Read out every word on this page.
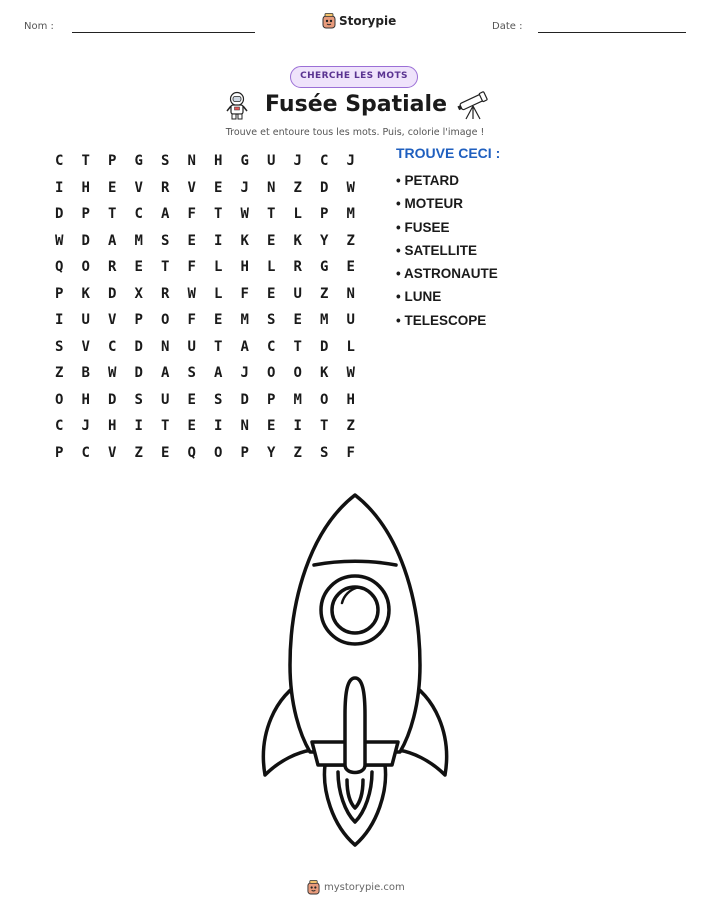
Nom :	Storypie	Date :
CHERCHE LES MOTS
Fusée Spatiale
Trouve et entoure tous les mots. Puis, colorie l'image !
C	T	P	G	S	N	H	G	U	J	C	J
I	H	E	V	R	V	E	J	N	Z	D	W
D	P	T	C	A	F	T	W	T	L	P	M
W	D	A	M	S	E	I	K	E	K	Y	Z
Q	O	R	E	T	F	L	H	L	R	G	E
P	K	D	X	R	W	L	F	E	U	Z	N
I	U	V	P	O	F	E	M	S	E	M	U
S	V	C	D	N	U	T	A	C	T	D	L
Z	B	W	D	A	S	A	J	O	O	K	W
O	H	D	S	U	E	S	D	P	M	O	H
C	J	H	I	T	E	I	N	E	I	T	Z
P	C	V	Z	E	Q	O	P	Y	Z	S	F
TROUVE CECI :
• PETARD
• MOTEUR
• FUSEE
• SATELLITE
• ASTRONAUTE
• LUNE
• TELESCOPE
mystorypie.com
